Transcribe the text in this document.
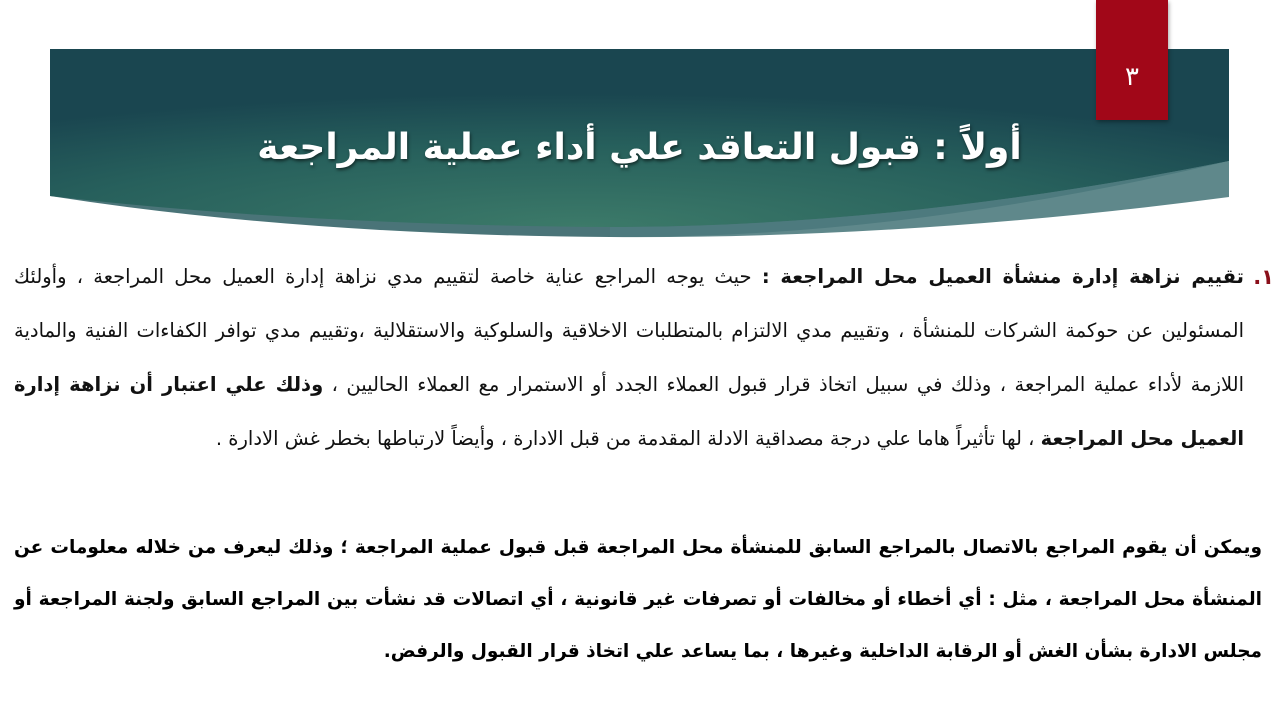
أولاً : قبول التعاقد علي أداء عملية المراجعة
٣
١.
تقييم نزاهة إدارة منشأة العميل محل المراجعة : حيث يوجه المراجع عناية خاصة لتقييم مدي نزاهة إدارة العميل محل المراجعة ، وأولئك المسئولين عن حوكمة الشركات للمنشأة ، وتقييم مدي الالتزام بالمتطلبات الاخلاقية والسلوكية والاستقلالية ،وتقييم مدي توافر الكفاءات الفنية والمادية اللازمة لأداء عملية المراجعة ، وذلك في سبيل اتخاذ قرار قبول العملاء الجدد أو الاستمرار مع العملاء الحاليين ، وذلك علي اعتبار أن نزاهة إدارة العميل محل المراجعة ، لها تأثيراً هاما علي درجة مصداقية الادلة المقدمة من قبل الادارة ، وأيضاً لارتباطها بخطر غش الادارة .
ويمكن أن يقوم المراجع بالاتصال بالمراجع السابق للمنشأة محل المراجعة قبل قبول عملية المراجعة ؛ وذلك ليعرف من خلاله معلومات عن المنشأة محل المراجعة ، مثل : أي أخطاء أو مخالفات أو تصرفات غير قانونية ، أي اتصالات قد نشأت بين المراجع السابق ولجنة المراجعة أو مجلس الادارة بشأن الغش أو الرقابة الداخلية وغيرها ، بما يساعد علي اتخاذ قرار القبول والرفض.
